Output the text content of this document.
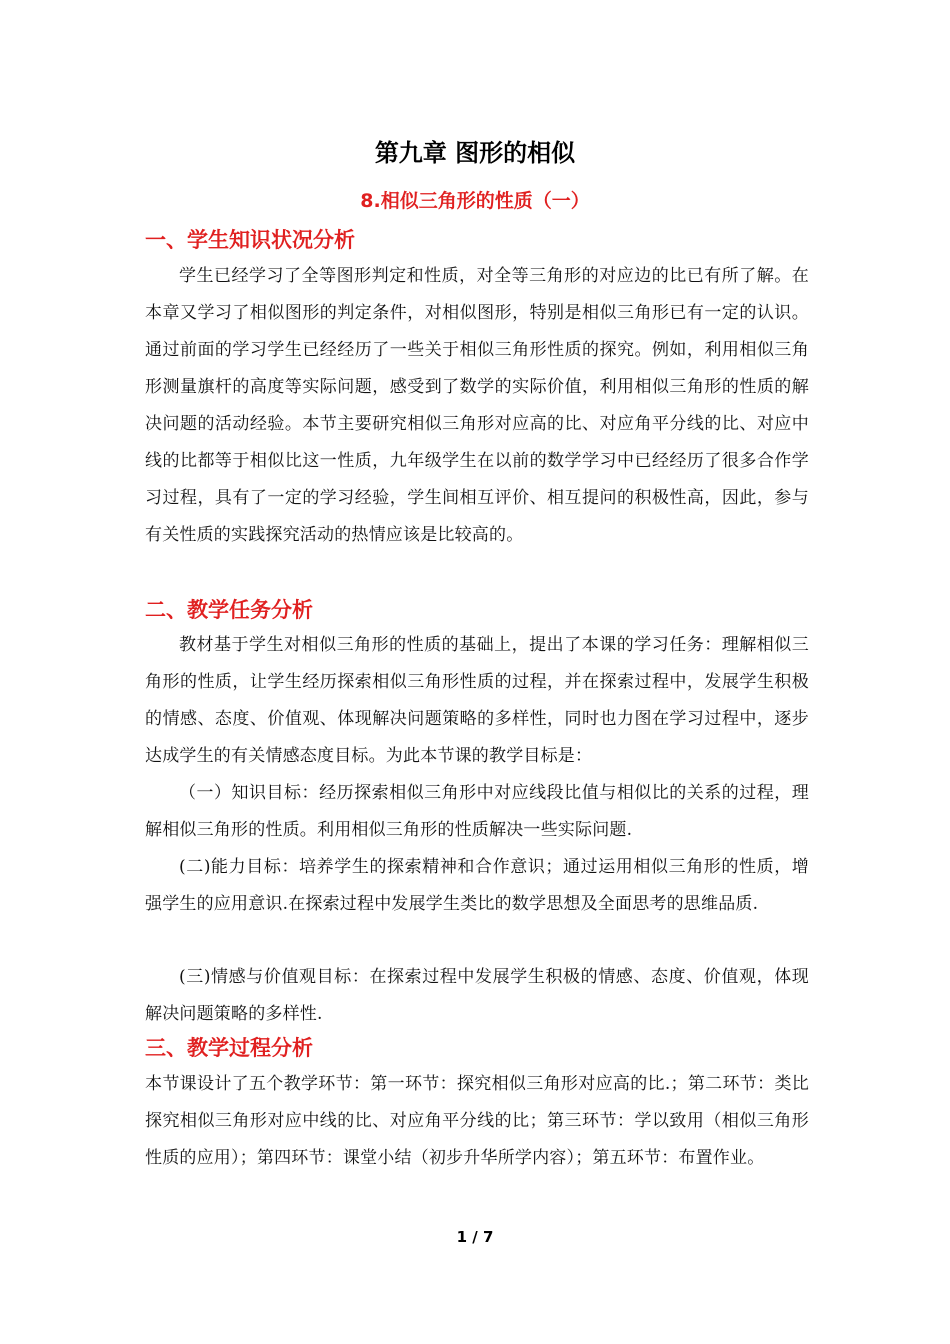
第九章 图形的相似
8.相似三角形的性质（一）
一、学生知识状况分析
学生已经学习了全等图形判定和性质，对全等三角形的对应边的比已有所了解。在本章又学习了相似图形的判定条件，对相似图形，特别是相似三角形已有一定的认识。通过前面的学习学生已经经历了一些关于相似三角形性质的探究。例如，利用相似三角形测量旗杆的高度等实际问题，感受到了数学的实际价值，利用相似三角形的性质的解决问题的活动经验。本节主要研究相似三角形对应高的比、对应角平分线的比、对应中线的比都等于相似比这一性质，九年级学生在以前的数学学习中已经经历了很多合作学习过程，具有了一定的学习经验，学生间相互评价、相互提问的积极性高，因此，参与有关性质的实践探究活动的热情应该是比较高的。
二、教学任务分析
教材基于学生对相似三角形的性质的基础上，提出了本课的学习任务：理解相似三角形的性质，让学生经历探索相似三角形性质的过程，并在探索过程中，发展学生积极的情感、态度、价值观、体现解决问题策略的多样性，同时也力图在学习过程中，逐步达成学生的有关情感态度目标。为此本节课的教学目标是：
（一）知识目标：经历探索相似三角形中对应线段比值与相似比的关系的过程，理解相似三角形的性质。利用相似三角形的性质解决一些实际问题.
(二)能力目标：培养学生的探索精神和合作意识；通过运用相似三角形的性质，增强学生的应用意识.在探索过程中发展学生类比的数学思想及全面思考的思维品质.
(三)情感与价值观目标：在探索过程中发展学生积极的情感、态度、价值观，体现解决问题策略的多样性.
三、教学过程分析
本节课设计了五个教学环节：第一环节：探究相似三角形对应高的比.；第二环节：类比探究相似三角形对应中线的比、对应角平分线的比；第三环节：学以致用（相似三角形性质的应用）；第四环节：课堂小结（初步升华所学内容）；第五环节：布置作业。
1 / 7
